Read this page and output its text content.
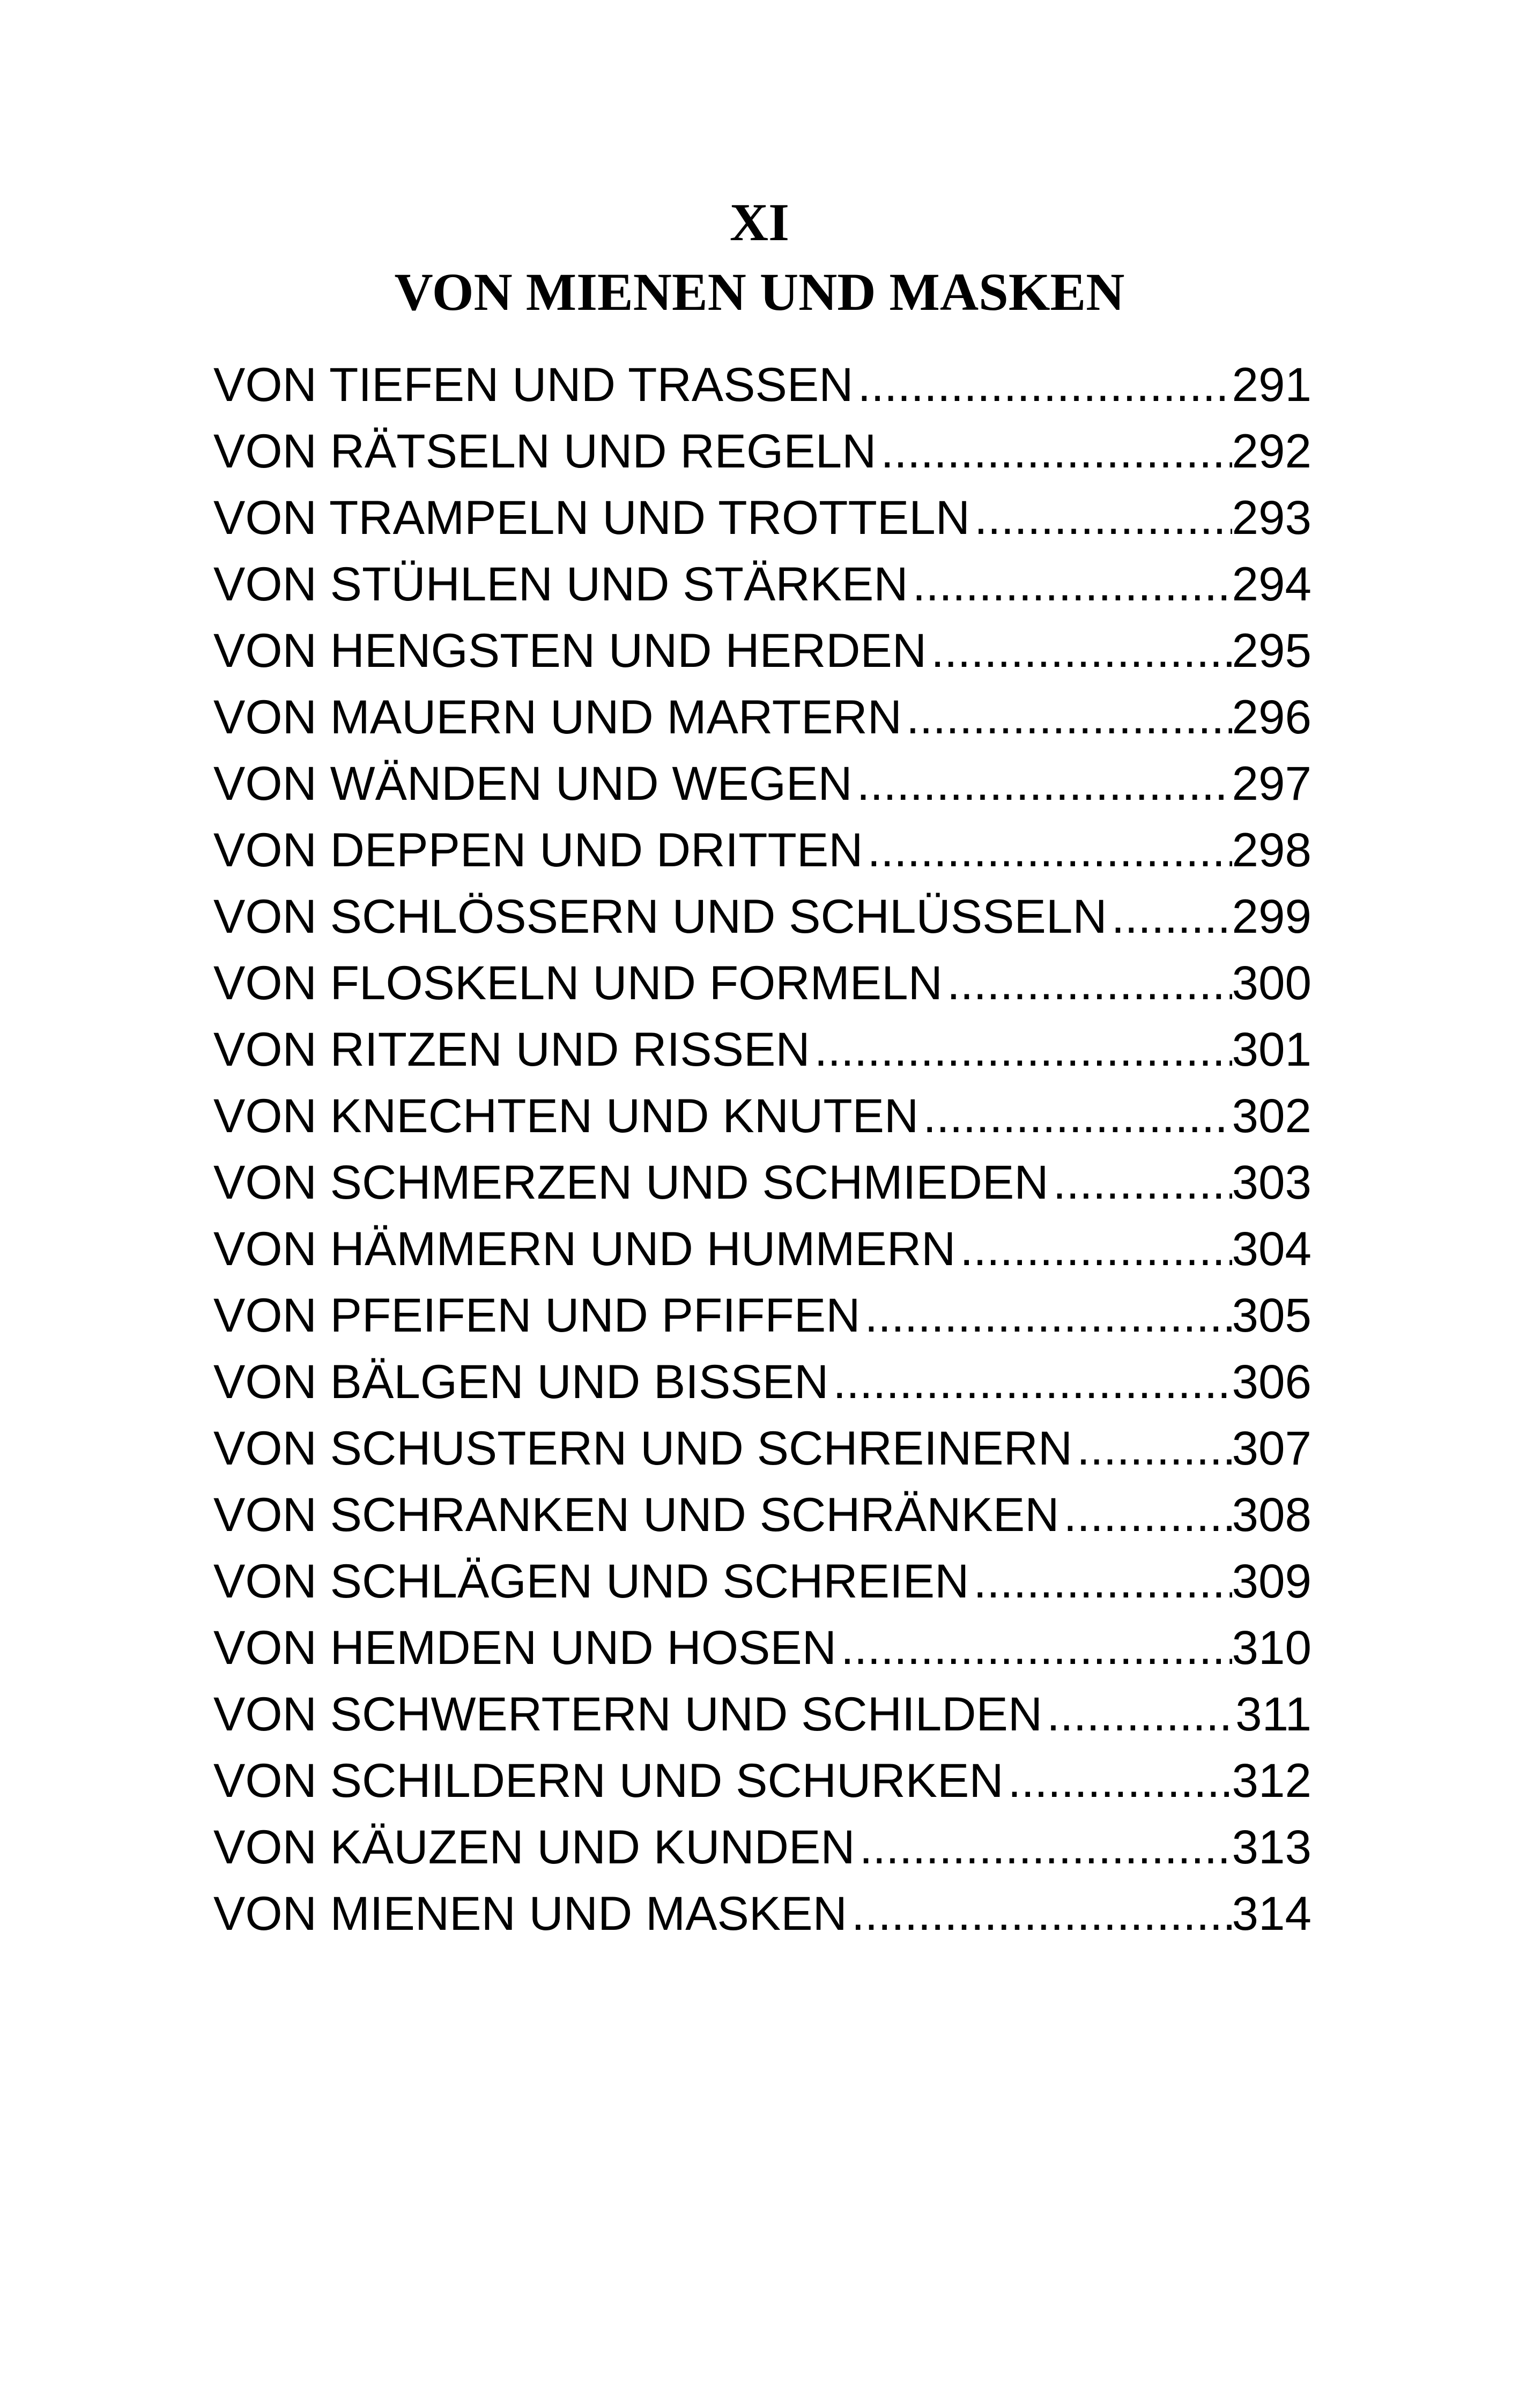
XI
VON MIENEN UND MASKEN
VON TIEFEN UND TRASSEN .....	291
VON RÄTSELN UND REGELN .....	292
VON TRAMPELN UND TROTTELN .....	293
VON STÜHLEN UND STÄRKEN .....	294
VON HENGSTEN UND HERDEN .....	295
VON MAUERN UND MARTERN .....	296
VON WÄNDEN UND WEGEN .....	297
VON DEPPEN UND DRITTEN .....	298
VON SCHLÖSSERN UND SCHLÜSSELN .....	299
VON FLOSKELN UND FORMELN .....	300
VON RITZEN UND RISSEN .....	301
VON KNECHTEN UND KNUTEN .....	302
VON SCHMERZEN UND SCHMIEDEN .....	303
VON HÄMMERN UND HUMMERN .....	304
VON PFEIFEN UND PFIFFEN .....	305
VON BÄLGEN UND BISSEN .....	306
VON SCHUSTERN UND SCHREINERN .....	307
VON SCHRANKEN UND SCHRÄNKEN .....	308
VON SCHLÄGEN UND SCHREIEN .....	309
VON HEMDEN UND HOSEN .....	310
VON SCHWERTERN UND SCHILDEN .....	311
VON SCHILDERN UND SCHURKEN .....	312
VON KÄUZEN UND KUNDEN .....	313
VON MIENEN UND MASKEN .....	314
